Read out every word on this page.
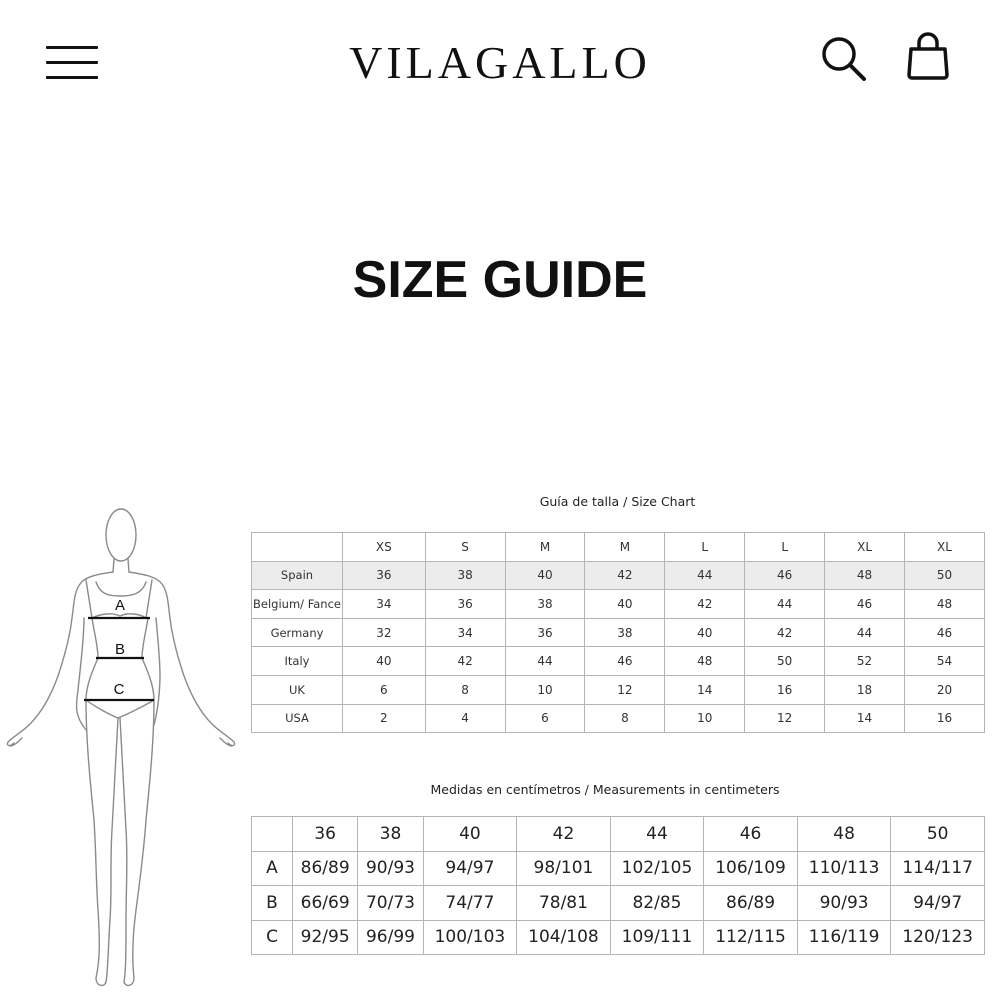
VILAGALLO
SIZE GUIDE
A
B
C
Guía de talla / Size Chart
	XS	S	M	M	L	L	XL	XL
Spain	36	38	40	42	44	46	48	50
Belgium/ Fance	34	36	38	40	42	44	46	48
Germany	32	34	36	38	40	42	44	46
Italy	40	42	44	46	48	50	52	54
UK	6	8	10	12	14	16	18	20
USA	2	4	6	8	10	12	14	16
Medidas en centímetros / Measurements in centimeters
	36	38	40	42	44	46	48	50
A	86/89	90/93	94/97	98/101	102/105	106/109	110/113	114/117
B	66/69	70/73	74/77	78/81	82/85	86/89	90/93	94/97
C	92/95	96/99	100/103	104/108	109/111	112/115	116/119	120/123
